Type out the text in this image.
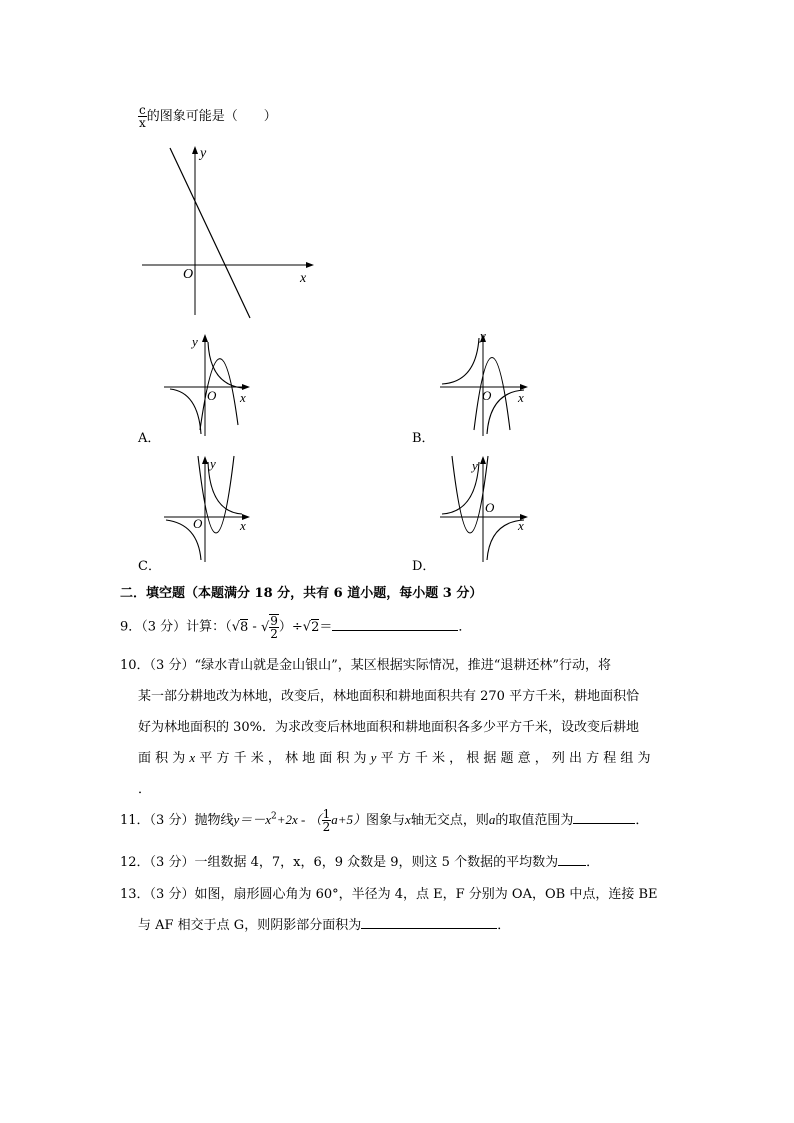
$\frac{c}{x}$ 的图象可能是（　　）
y
x
O
y
x
O
A．
y
x
O
B．
y
x
O
C．
y
x
O
D．
二．填空题（本题满分 18 分，共有 6 道小题，每小题 3 分）
9．（3 分）计算：（√8 - √ $\frac{9}{2} )\div√2=$	．
10．（3 分）“绿水青山就是金山银山”，某区根据实际情况，推进“退耕还林”行动，将
某一部分耕地改为林地，改变后，林地面积和耕地面积共有 270 平方千米，耕地面积恰
好为林地面积的 30%．为求改变后林地面积和耕地面积各多少平方千米，设改变后耕地
面 积 为 x 平 方 千 米 ， 林 地 面 积 为 y 平 方 千 米 ， 根 据 题 意 ， 列 出 方 程 组 为
．
11．（3 分）抛物线$y=-x^2+2x$ - （ $\frac{1}{2} a+5$）图象与x轴无交点，则a的取值范围为	．
12．（3 分）一组数据 4，7，x，6，9 众数是 9，则这 5 个数据的平均数为 ．
13．（3 分）如图，扇形圆心角为 60°，半径为 4，点 E，F 分别为 OA，OB 中点，连接 BE
与 AF 相交于点 G，则阴影部分面积为	．
